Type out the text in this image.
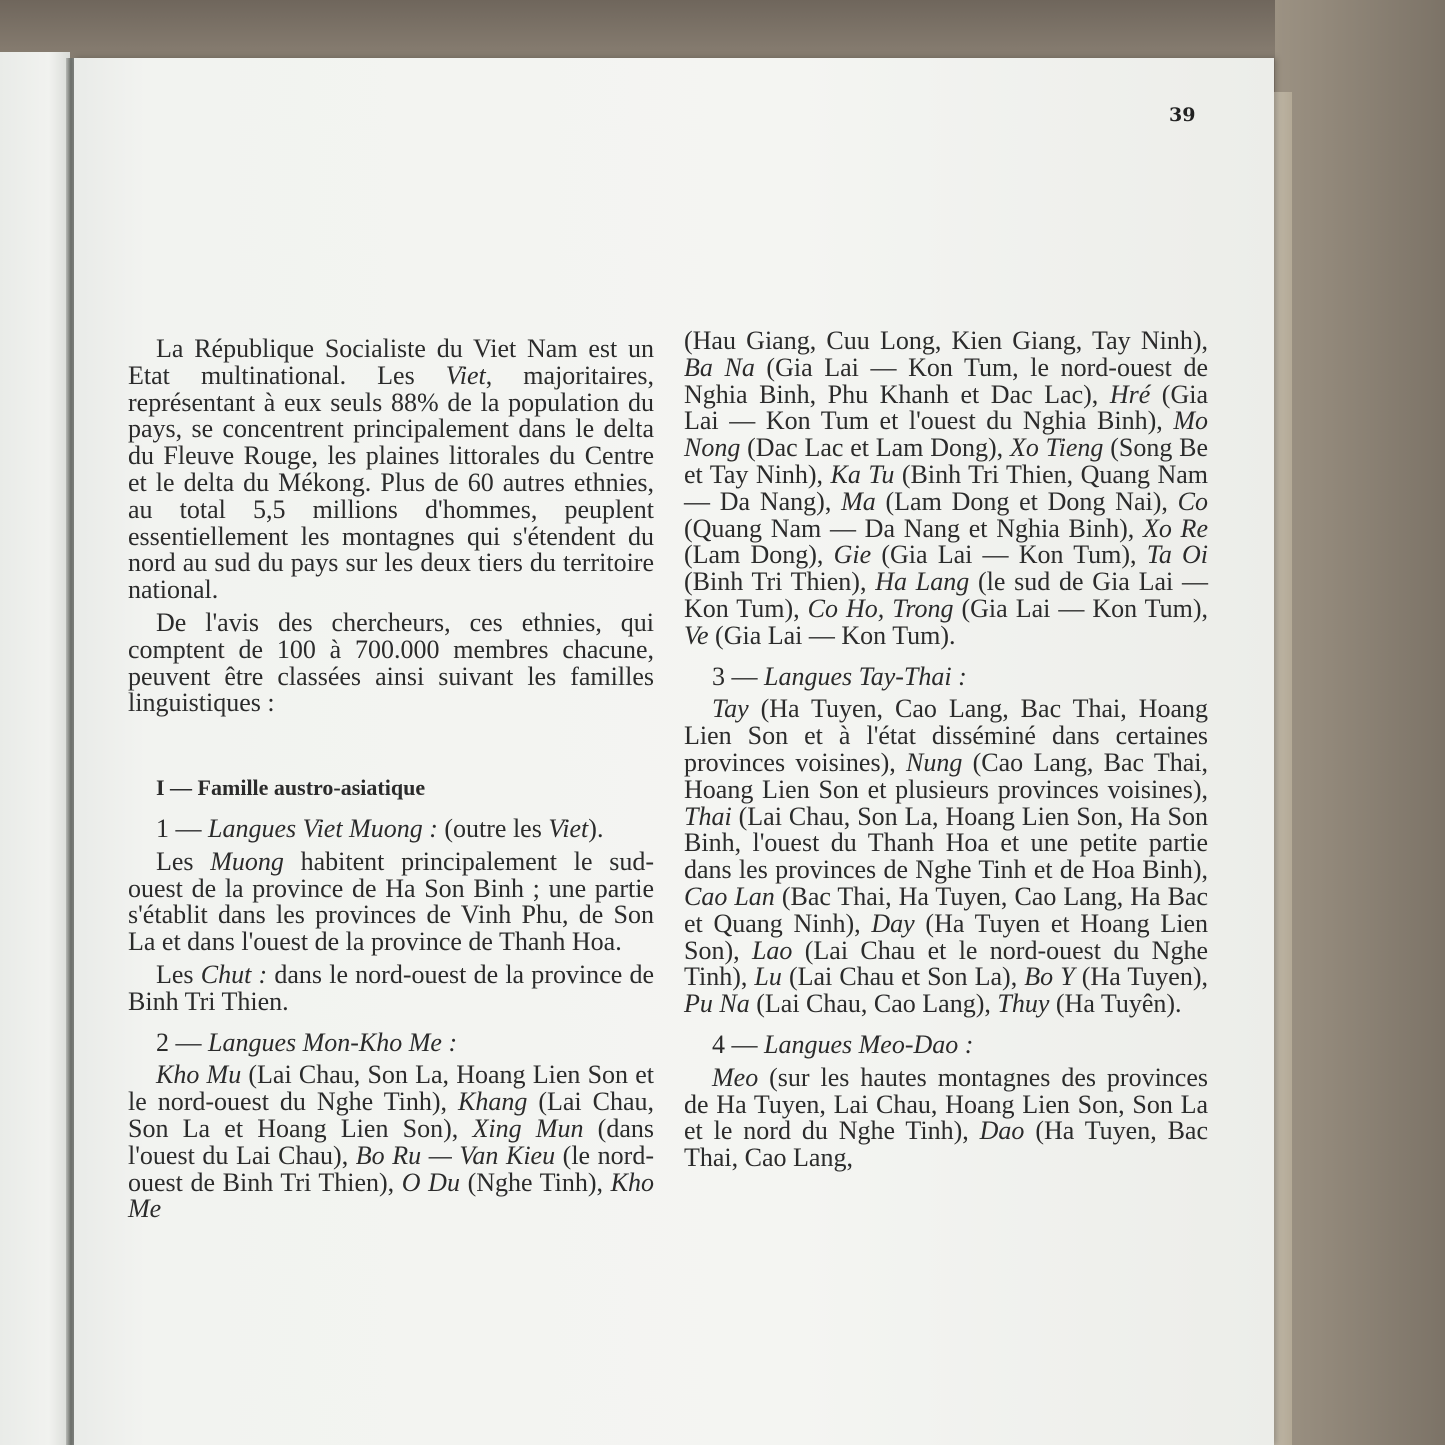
39

La République Socialiste du Viet Nam est un Etat multinational. Les Viet, majoritaires, représentant à eux seuls 88% de la population du pays, se concentrent principalement dans le delta du Fleuve Rouge, les plaines littorales du Centre et le delta du Mékong. Plus de 60 autres ethnies, au total 5,5 millions d'hommes, peuplent essentiellement les montagnes qui s'étendent du nord au sud du pays sur les deux tiers du territoire national.

De l'avis des chercheurs, ces ethnies, qui comptent de 100 à 700.000 membres chacune, peuvent être classées ainsi suivant les familles linguistiques :

I — Famille austro-asiatique

1 — Langues Viet Muong : (outre les Viet).

Les Muong habitent principalement le sud-ouest de la province de Ha Son Binh ; une partie s'établit dans les provinces de Vinh Phu, de Son La et dans l'ouest de la province de Thanh Hoa.

Les Chut : dans le nord-ouest de la province de Binh Tri Thien.

2 — Langues Mon-Kho Me :

Kho Mu (Lai Chau, Son La, Hoang Lien Son et le nord-ouest du Nghe Tinh), Khang (Lai Chau, Son La et Hoang Lien Son), Xing Mun (dans l'ouest du Lai Chau), Bo Ru — Van Kieu (le nord-ouest de Binh Tri Thien), O Du (Nghe Tinh), Kho Me

(Hau Giang, Cuu Long, Kien Giang, Tay Ninh), Ba Na (Gia Lai — Kon Tum, le nord-ouest de Nghia Binh, Phu Khanh et Dac Lac), Hré (Gia Lai — Kon Tum et l'ouest du Nghia Binh), Mo Nong (Dac Lac et Lam Dong), Xo Tieng (Song Be et Tay Ninh), Ka Tu (Binh Tri Thien, Quang Nam — Da Nang), Ma (Lam Dong et Dong Nai), Co (Quang Nam — Da Nang et Nghia Binh), Xo Re (Lam Dong), Gie (Gia Lai — Kon Tum), Ta Oi (Binh Tri Thien), Ha Lang (le sud de Gia Lai — Kon Tum), Co Ho, Trong (Gia Lai — Kon Tum), Ve (Gia Lai — Kon Tum).

3 — Langues Tay-Thai :

Tay (Ha Tuyen, Cao Lang, Bac Thai, Hoang Lien Son et à l'état disséminé dans certaines provinces voisines), Nung (Cao Lang, Bac Thai, Hoang Lien Son et plusieurs provinces voisines), Thai (Lai Chau, Son La, Hoang Lien Son, Ha Son Binh, l'ouest du Thanh Hoa et une petite partie dans les provinces de Nghe Tinh et de Hoa Binh), Cao Lan (Bac Thai, Ha Tuyen, Cao Lang, Ha Bac et Quang Ninh), Day (Ha Tuyen et Hoang Lien Son), Lao (Lai Chau et le nord-ouest du Nghe Tinh), Lu (Lai Chau et Son La), Bo Y (Ha Tuyen), Pu Na (Lai Chau, Cao Lang), Thuy (Ha Tuyên).

4 — Langues Meo-Dao :

Meo (sur les hautes montagnes des provinces de Ha Tuyen, Lai Chau, Hoang Lien Son, Son La et le nord du Nghe Tinh), Dao (Ha Tuyen, Bac Thai, Cao Lang,
